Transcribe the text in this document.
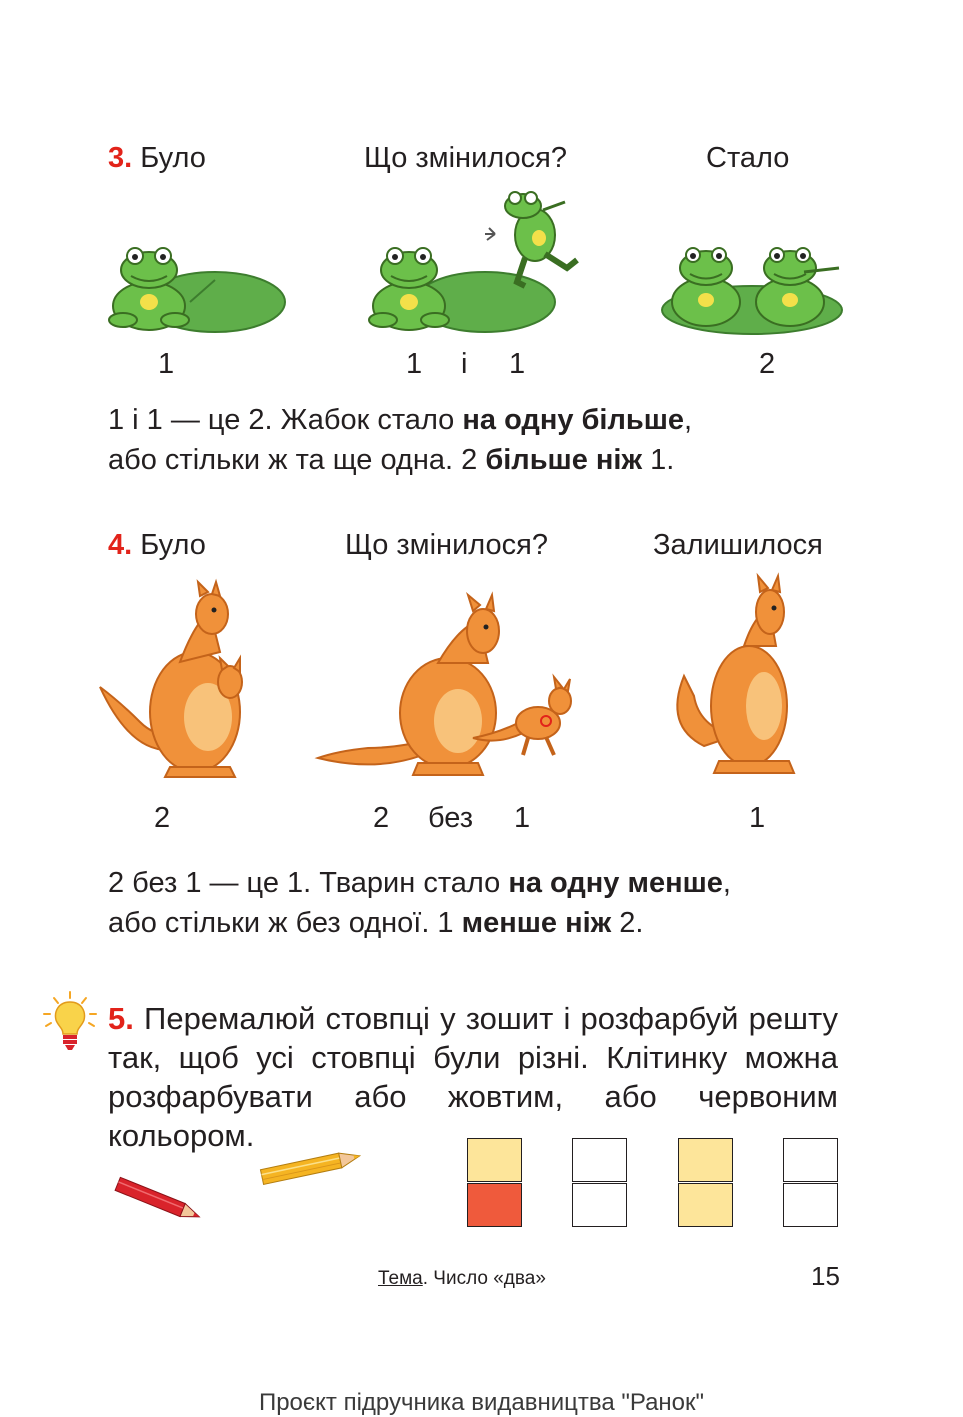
3. Було	Що змінилося?	Стало
1	1 і 1	2
1 і 1 — це 2. Жабок стало на одну більше,
або стільки ж та ще одна. 2 більше ніж 1.
4. Було	Що змінилося?	Залишилося
2	2 без 1	1
2 без 1 — це 1. Тварин стало на одну менше,
або стільки ж без одної. 1 менше ніж 2.
5. Перемалюй стовпці у зошит і розфарбуй решту так, щоб усі стовпці були різні. Клітинку можна розфарбувати або жовтим, або червоним кольором.
Тема. Число «два»	15
Проєкт підручника видавництва "Ранок"
